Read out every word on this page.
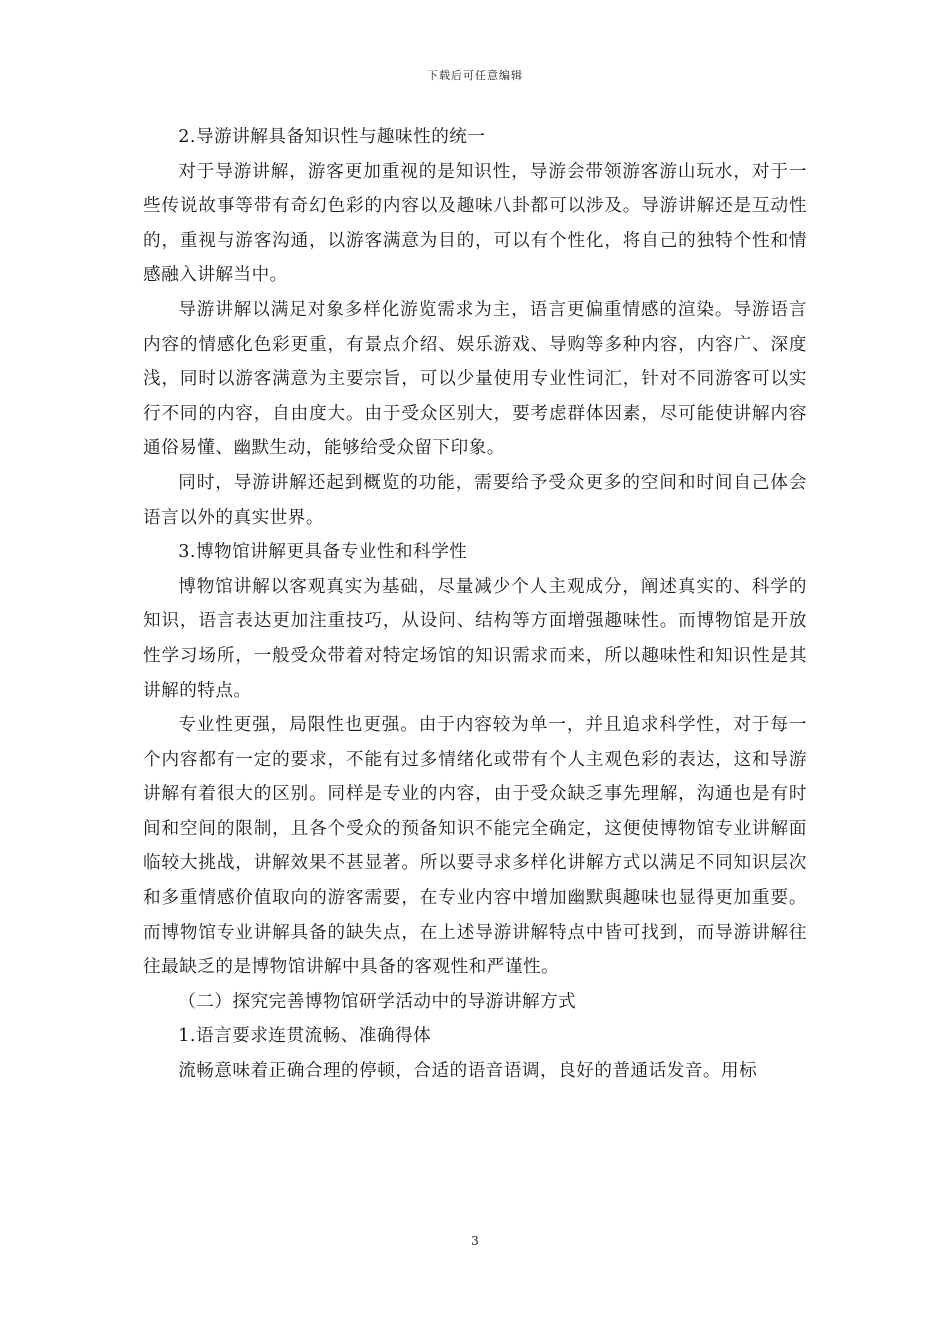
下载后可任意编辑

2.导游讲解具备知识性与趣味性的统一

对于导游讲解，游客更加重视的是知识性，导游会带领游客游山玩水，对于一些传说故事等带有奇幻色彩的内容以及趣味八卦都可以涉及。导游讲解还是互动性的，重视与游客沟通，以游客满意为目的，可以有个性化，将自己的独特个性和情感融入讲解当中。

导游讲解以满足对象多样化游览需求为主，语言更偏重情感的渲染。导游语言内容的情感化色彩更重，有景点介绍、娱乐游戏、导购等多种内容，内容广、深度浅，同时以游客满意为主要宗旨，可以少量使用专业性词汇，针对不同游客可以实行不同的内容，自由度大。由于受众区别大，要考虑群体因素，尽可能使讲解内容通俗易懂、幽默生动，能够给受众留下印象。

同时，导游讲解还起到概览的功能，需要给予受众更多的空间和时间自己体会语言以外的真实世界。

3.博物馆讲解更具备专业性和科学性

博物馆讲解以客观真实为基础，尽量减少个人主观成分，阐述真实的、科学的知识，语言表达更加注重技巧，从设问、结构等方面增强趣味性。而博物馆是开放性学习场所，一般受众带着对特定场馆的知识需求而来，所以趣味性和知识性是其讲解的特点。

专业性更强，局限性也更强。由于内容较为单一，并且追求科学性，对于每一个内容都有一定的要求，不能有过多情绪化或带有个人主观色彩的表达，这和导游讲解有着很大的区别。同样是专业的内容，由于受众缺乏事先理解，沟通也是有时间和空间的限制，且各个受众的预备知识不能完全确定，这便使博物馆专业讲解面临较大挑战，讲解效果不甚显著。所以要寻求多样化讲解方式以满足不同知识层次和多重情感价值取向的游客需要，在专业内容中增加幽默與趣味也显得更加重要。而博物馆专业讲解具备的缺失点，在上述导游讲解特点中皆可找到，而导游讲解往往最缺乏的是博物馆讲解中具备的客观性和严谨性。

（二）探究完善博物馆研学活动中的导游讲解方式

1.语言要求连贯流畅、准确得体

流畅意味着正确合理的停顿，合适的语音语调，良好的普通话发音。用标

3
